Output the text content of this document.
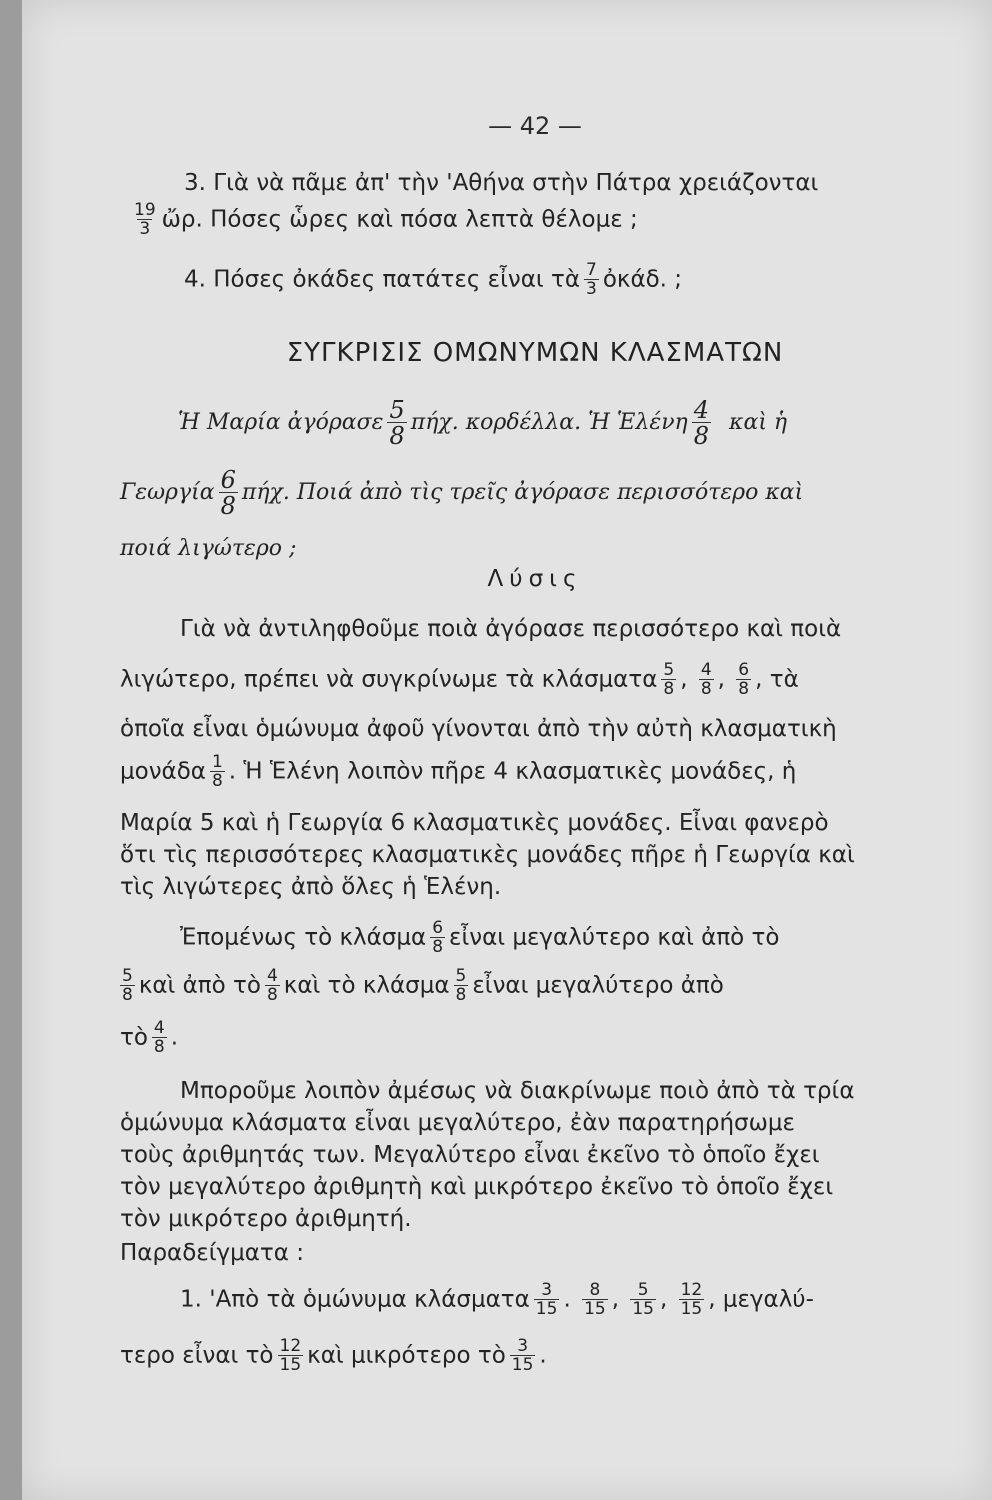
— 42 —
3. Γιὰ νὰ πᾶμε ἀπ' τὴν 'Αθήνα στὴν Πάτρα χρειάζονται
$\frac{19}{3}$ ὤρ. Πόσες ὧρες καὶ πόσα λεπτὰ θέλομε ;
4. Πόσες ὀκάδες πατάτες εἶναι τὰ $\frac{7}{3}$ ὀκάδ. ;
ΣΥΓΚΡΙΣΙΣ ΟΜΩΝΥΜΩΝ ΚΛΑΣΜΑΤΩΝ
Ἡ Μαρία ἀγόρασε $\frac{5}{8} \pi ή\chi$. κορδέλλα. Ἡ Ἑλένη $\frac{4}{8}$ καὶ ἡ
Γεωργία $\frac{6}{8} \pi ή\chi$. Ποιά ἀπὸ τὶς τρεῖς ἀγόρασε περισσότερο καὶ
ποιά λιγώτερο ;
Λύσις
Γιὰ νὰ ἀντιληφθοῦμε ποιὰ ἀγόρασε περισσότερο καὶ ποιὰ
λιγώτερο, πρέπει νὰ συγκρίνωμε τὰ κλάσματα $\frac{5}{8}$ , $\frac{4}{8}$ , $\frac{6}{8}$ , τὰ
ὁποῖα εἶναι ὁμώνυμα ἀφοῦ γίνονται ἀπὸ τὴν αὐτὴ κλασματικὴ
μονάδα $\frac{1}{8}$ . Ἡ Ἑλένη λοιπὸν πῆρε 4 κλασματικὲς μονάδες, ἡ
Μαρία 5 καὶ ἡ Γεωργία 6 κλασματικὲς μονάδες. Εἶναι φανερὸ
ὅτι τὶς περισσότερες κλασματικὲς μονάδες πῆρε ἡ Γεωργία καὶ
τὶς λιγώτερες ἀπὸ ὅλες ἡ Ἑλένη.
Ἐπομένως τὸ κλάσμα $\frac{6}{8}$ εἶναι μεγαλύτερο καὶ ἀπὸ τὸ
$\frac{5}{8}$ καὶ ἀπὸ τὸ $\frac{4}{8}$ καὶ τὸ κλάσμα $\frac{5}{8}$ εἶναι μεγαλύτερο ἀπὸ
τὸ $\frac{4}{8}$ .
Μποροῦμε λοιπὸν ἀμέσως νὰ διακρίνωμε ποιὸ ἀπὸ τὰ τρία
ὁμώνυμα κλάσματα εἶναι μεγαλύτερο, ἐὰν παρατηρήσωμε
τοὺς ἀριθμητάς των. Μεγαλύτερο εἶναι ἐκεῖνο τὸ ὁποῖο ἔχει
τὸν μεγαλύτερο ἀριθμητὴ καὶ μικρότερο ἐκεῖνο τὸ ὁποῖο ἔχει
τὸν μικρότερο ἀριθμητή.
Παραδείγματα :
1. 'Απὸ τὰ ὁμώνυμα κλάσματα $\frac{3}{15}$ . $\frac{8}{15}$ , $\frac{5}{15}$ , $\frac{12}{15}$ , μεγαλύ-
τερο εἶναι τὸ $\frac{12}{15}$ καὶ μικρότερο τὸ $\frac{3}{15}$ .
